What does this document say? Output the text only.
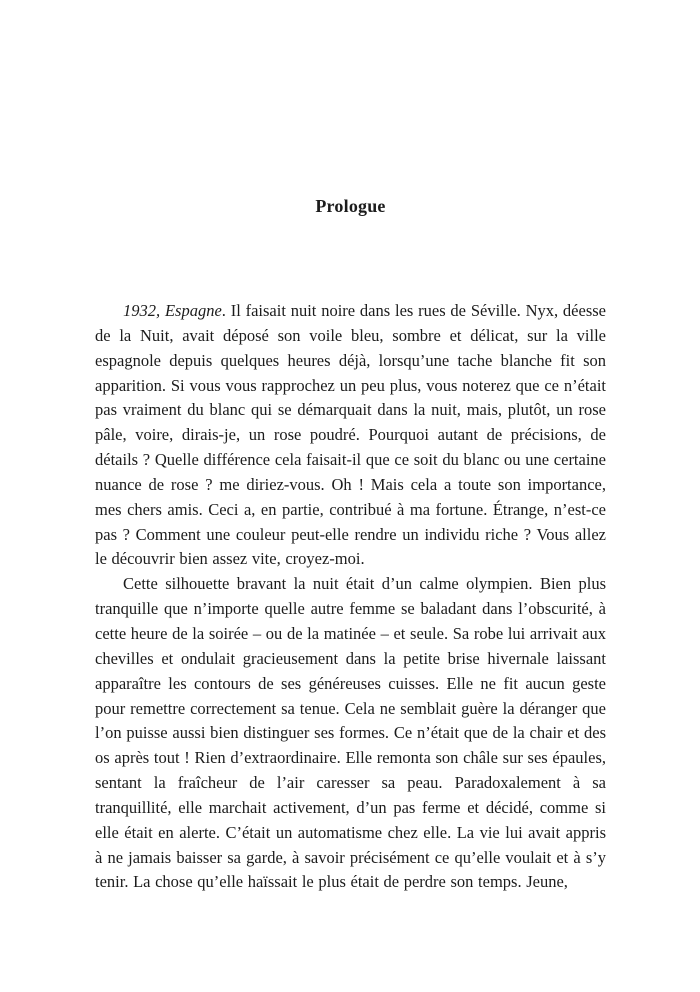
Prologue

1932, Espagne. Il faisait nuit noire dans les rues de Séville. Nyx, déesse de la Nuit, avait déposé son voile bleu, sombre et délicat, sur la ville espagnole depuis quelques heures déjà, lorsqu’une tache blanche fit son apparition. Si vous vous rapprochez un peu plus, vous noterez que ce n’était pas vraiment du blanc qui se démarquait dans la nuit, mais, plutôt, un rose pâle, voire, dirais-je, un rose poudré. Pourquoi autant de précisions, de détails ? Quelle différence cela faisait-il que ce soit du blanc ou une certaine nuance de rose ? me diriez-vous. Oh ! Mais cela a toute son importance, mes chers amis. Ceci a, en partie, contribué à ma fortune. Étrange, n’est-ce pas ? Comment une couleur peut-elle rendre un individu riche ? Vous allez le découvrir bien assez vite, croyez-moi.

Cette silhouette bravant la nuit était d’un calme olympien. Bien plus tranquille que n’importe quelle autre femme se baladant dans l’obscurité, à cette heure de la soirée – ou de la matinée – et seule. Sa robe lui arrivait aux chevilles et ondulait gracieusement dans la petite brise hivernale laissant apparaître les contours de ses généreuses cuisses. Elle ne fit aucun geste pour remettre correctement sa tenue. Cela ne semblait guère la déranger que l’on puisse aussi bien distinguer ses formes. Ce n’était que de la chair et des os après tout ! Rien d’extraordinaire. Elle remonta son châle sur ses épaules, sentant la fraîcheur de l’air caresser sa peau. Paradoxalement à sa tranquillité, elle marchait activement, d’un pas ferme et décidé, comme si elle était en alerte. C’était un automatisme chez elle. La vie lui avait appris à ne jamais baisser sa garde, à savoir précisément ce qu’elle voulait et à s’y tenir. La chose qu’elle haïssait le plus était de perdre son temps. Jeune,
